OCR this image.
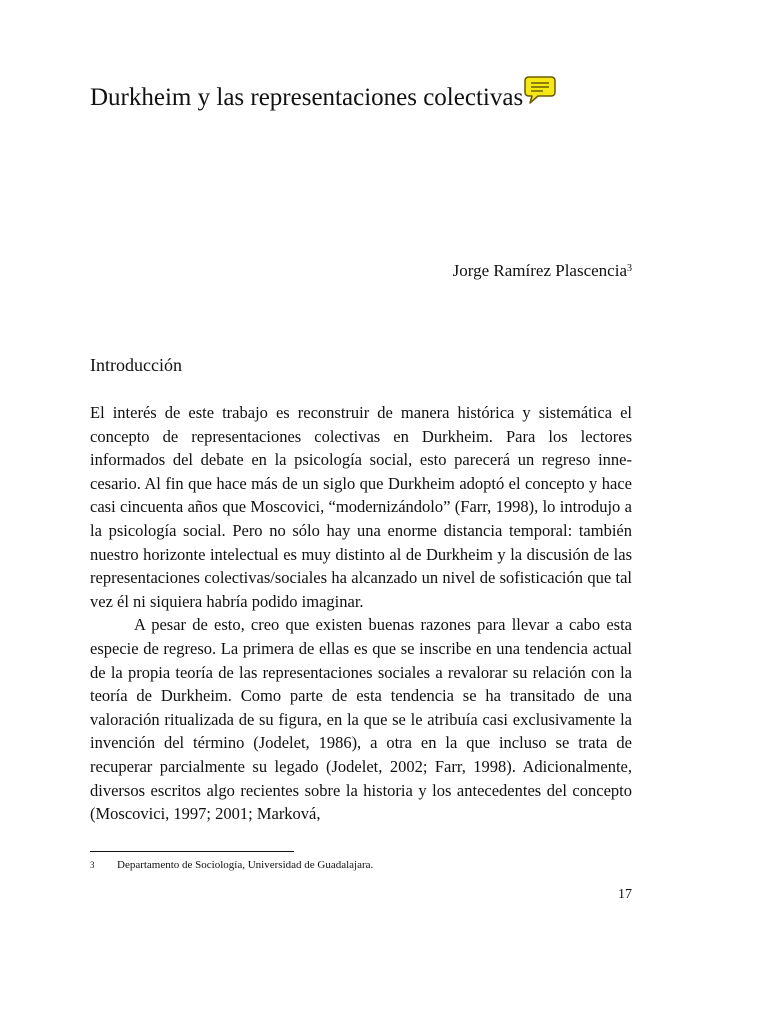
Durkheim y las representaciones colectivas
Jorge Ramírez Plascencia$^3$
Introducción

El interés de este trabajo es reconstruir de manera histórica y sistemática el concepto de representaciones colectivas en Durkheim. Para los lectores informados del debate en la psicología social, esto parecerá un regreso innecesario. Al fin que hace más de un siglo que Durkheim adoptó el concepto y hace casi cincuenta años que Moscovici, “modernizándolo” (Farr, 1998), lo introdujo a la psicología social. Pero no sólo hay una enorme distancia temporal: también nuestro horizonte intelectual es muy distinto al de Durkheim y la discusión de las representaciones colectivas/sociales ha alcanzado un nivel de sofisticación que tal vez él ni siquiera habría podido imaginar.

A pesar de esto, creo que existen buenas razones para llevar a cabo esta especie de regreso. La primera de ellas es que se inscribe en una tendencia actual de la propia teoría de las representaciones sociales a revalorar su relación con la teoría de Durkheim. Como parte de esta tendencia se ha transitado de una valoración ritualizada de su figura, en la que se le atribuía casi exclusivamente la invención del término (Jodelet, 1986), a otra en la que incluso se trata de recuperar parcialmente su legado (Jodelet, 2002; Farr, 1998). Adicionalmente, diversos escritos algo recientes sobre la historia y los antecedentes del concepto (Moscovici, 1997; 2001; Marková,

3 Departamento de Sociología, Universidad de Guadalajara.
17
